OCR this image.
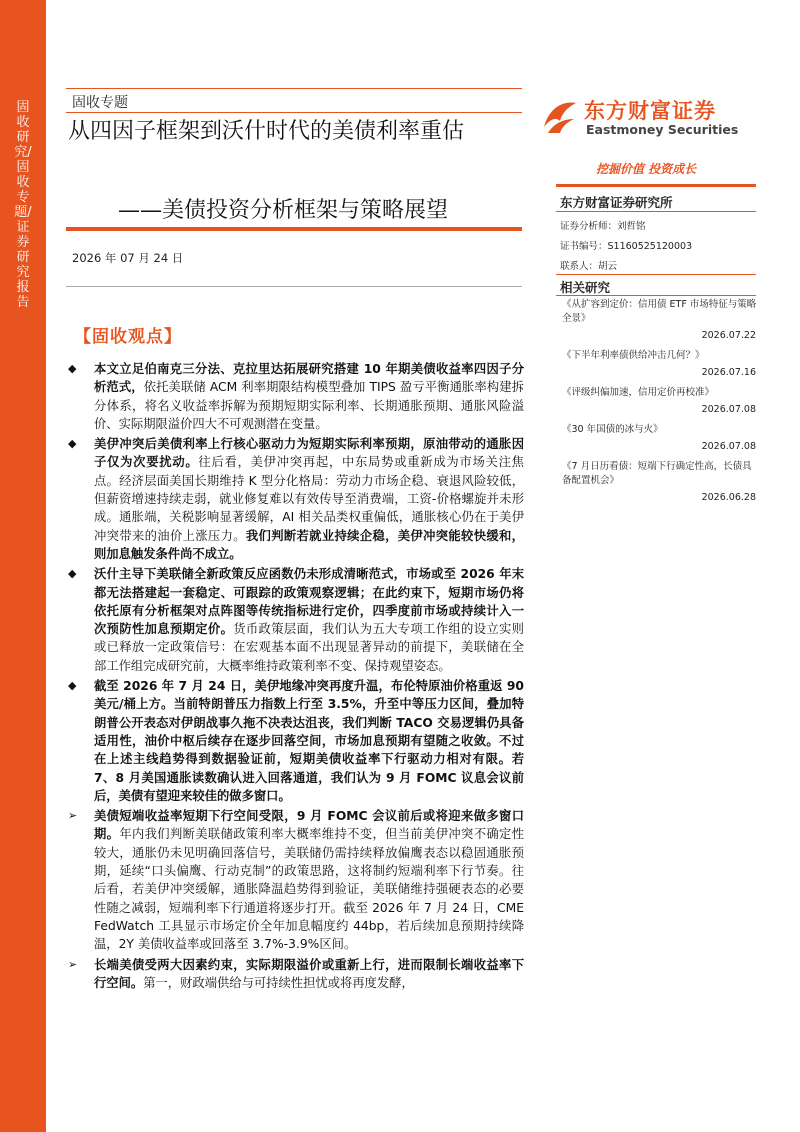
固收研究/固收专题/证券研究报告
固收专题
从四因子框架到沃什时代的美债利率重估
——美债投资分析框架与策略展望
2026 年 07 月 24 日
【固收观点】
◆ 本文立足伯南克三分法、克拉里达拓展研究搭建 10 年期美债收益率四因子分析范式，依托美联储 ACM 利率期限结构模型叠加 TIPS 盈亏平衡通胀率构建拆分体系，将名义收益率拆解为预期短期实际利率、长期通胀预期、通胀风险溢价、实际期限溢价四大不可观测潜在变量。

◆ 美伊冲突后美债利率上行核心驱动力为短期实际利率预期，原油带动的通胀因子仅为次要扰动。往后看，美伊冲突再起，中东局势或重新成为市场关注焦点。经济层面美国长期维持 K 型分化格局：劳动力市场企稳、衰退风险较低，但薪资增速持续走弱，就业修复难以有效传导至消费端，工资-价格螺旋并未形成。通胀端，关税影响显著缓解，AI 相关品类权重偏低，通胀核心仍在于美伊冲突带来的油价上涨压力。我们判断若就业持续企稳，美伊冲突能较快缓和，则加息触发条件尚不成立。

◆ 沃什主导下美联储全新政策反应函数仍未形成清晰范式，市场或至 2026 年末都无法搭建起一套稳定、可跟踪的政策观察逻辑；在此约束下，短期市场仍将依托原有分析框架对点阵图等传统指标进行定价，四季度前市场或持续计入一次预防性加息预期定价。货币政策层面，我们认为五大专项工作组的设立实则或已释放一定政策信号：在宏观基本面不出现显著异动的前提下，美联储在全部工作组完成研究前，大概率维持政策利率不变、保持观望姿态。

◆ 截至 2026 年 7 月 24 日，美伊地缘冲突再度升温，布伦特原油价格重返 90 美元/桶上方。当前特朗普压力指数上行至 3.5%，升至中等压力区间，叠加特朗普公开表态对伊朗战事久拖不决表达沮丧，我们判断 TACO 交易逻辑仍具备适用性，油价中枢后续存在逐步回落空间，市场加息预期有望随之收敛。不过在上述主线趋势得到数据验证前，短期美债收益率下行驱动力相对有限。若 7、8 月美国通胀读数确认进入回落通道，我们认为 9 月 FOMC 议息会议前后，美债有望迎来较佳的做多窗口。

➢ 美债短端收益率短期下行空间受限，9 月 FOMC 会议前后或将迎来做多窗口期。年内我们判断美联储政策利率大概率维持不变，但当前美伊冲突不确定性较大，通胀仍未见明确回落信号，美联储仍需持续释放偏鹰表态以稳固通胀预期，延续“口头偏鹰、行动克制”的政策思路，这将制约短端利率下行节奏。往后看，若美伊冲突缓解，通胀降温趋势得到验证，美联储维持强硬表态的必要性随之减弱，短端利率下行通道将逐步打开。截至 2026 年 7 月 24 日，CME FedWatch 工具显示市场定价全年加息幅度约 44bp，若后续加息预期持续降温，2Y 美债收益率或回落至 3.7%-3.9%区间。

➢ 长端美债受两大因素约束，实际期限溢价或重新上行，进而限制长端收益率下行空间。第一，财政端供给与可持续性担忧或将再度发酵，

东方财富证券
Eastmoney Securities
挖掘价值 投资成长
东方财富证券研究所
证券分析师：刘哲铭
证书编号：S1160525120003
联系人：胡云
相关研究
《从扩容到定价：信用债 ETF 市场特征与策略全景》
2026.07.22
《下半年利率债供给冲击几何？》
2026.07.16
《评级纠偏加速，信用定价再校准》
2026.07.08
《30 年国债的冰与火》
2026.07.08
《7 月日历看债：短端下行确定性高，长债具备配置机会》
2026.06.28
